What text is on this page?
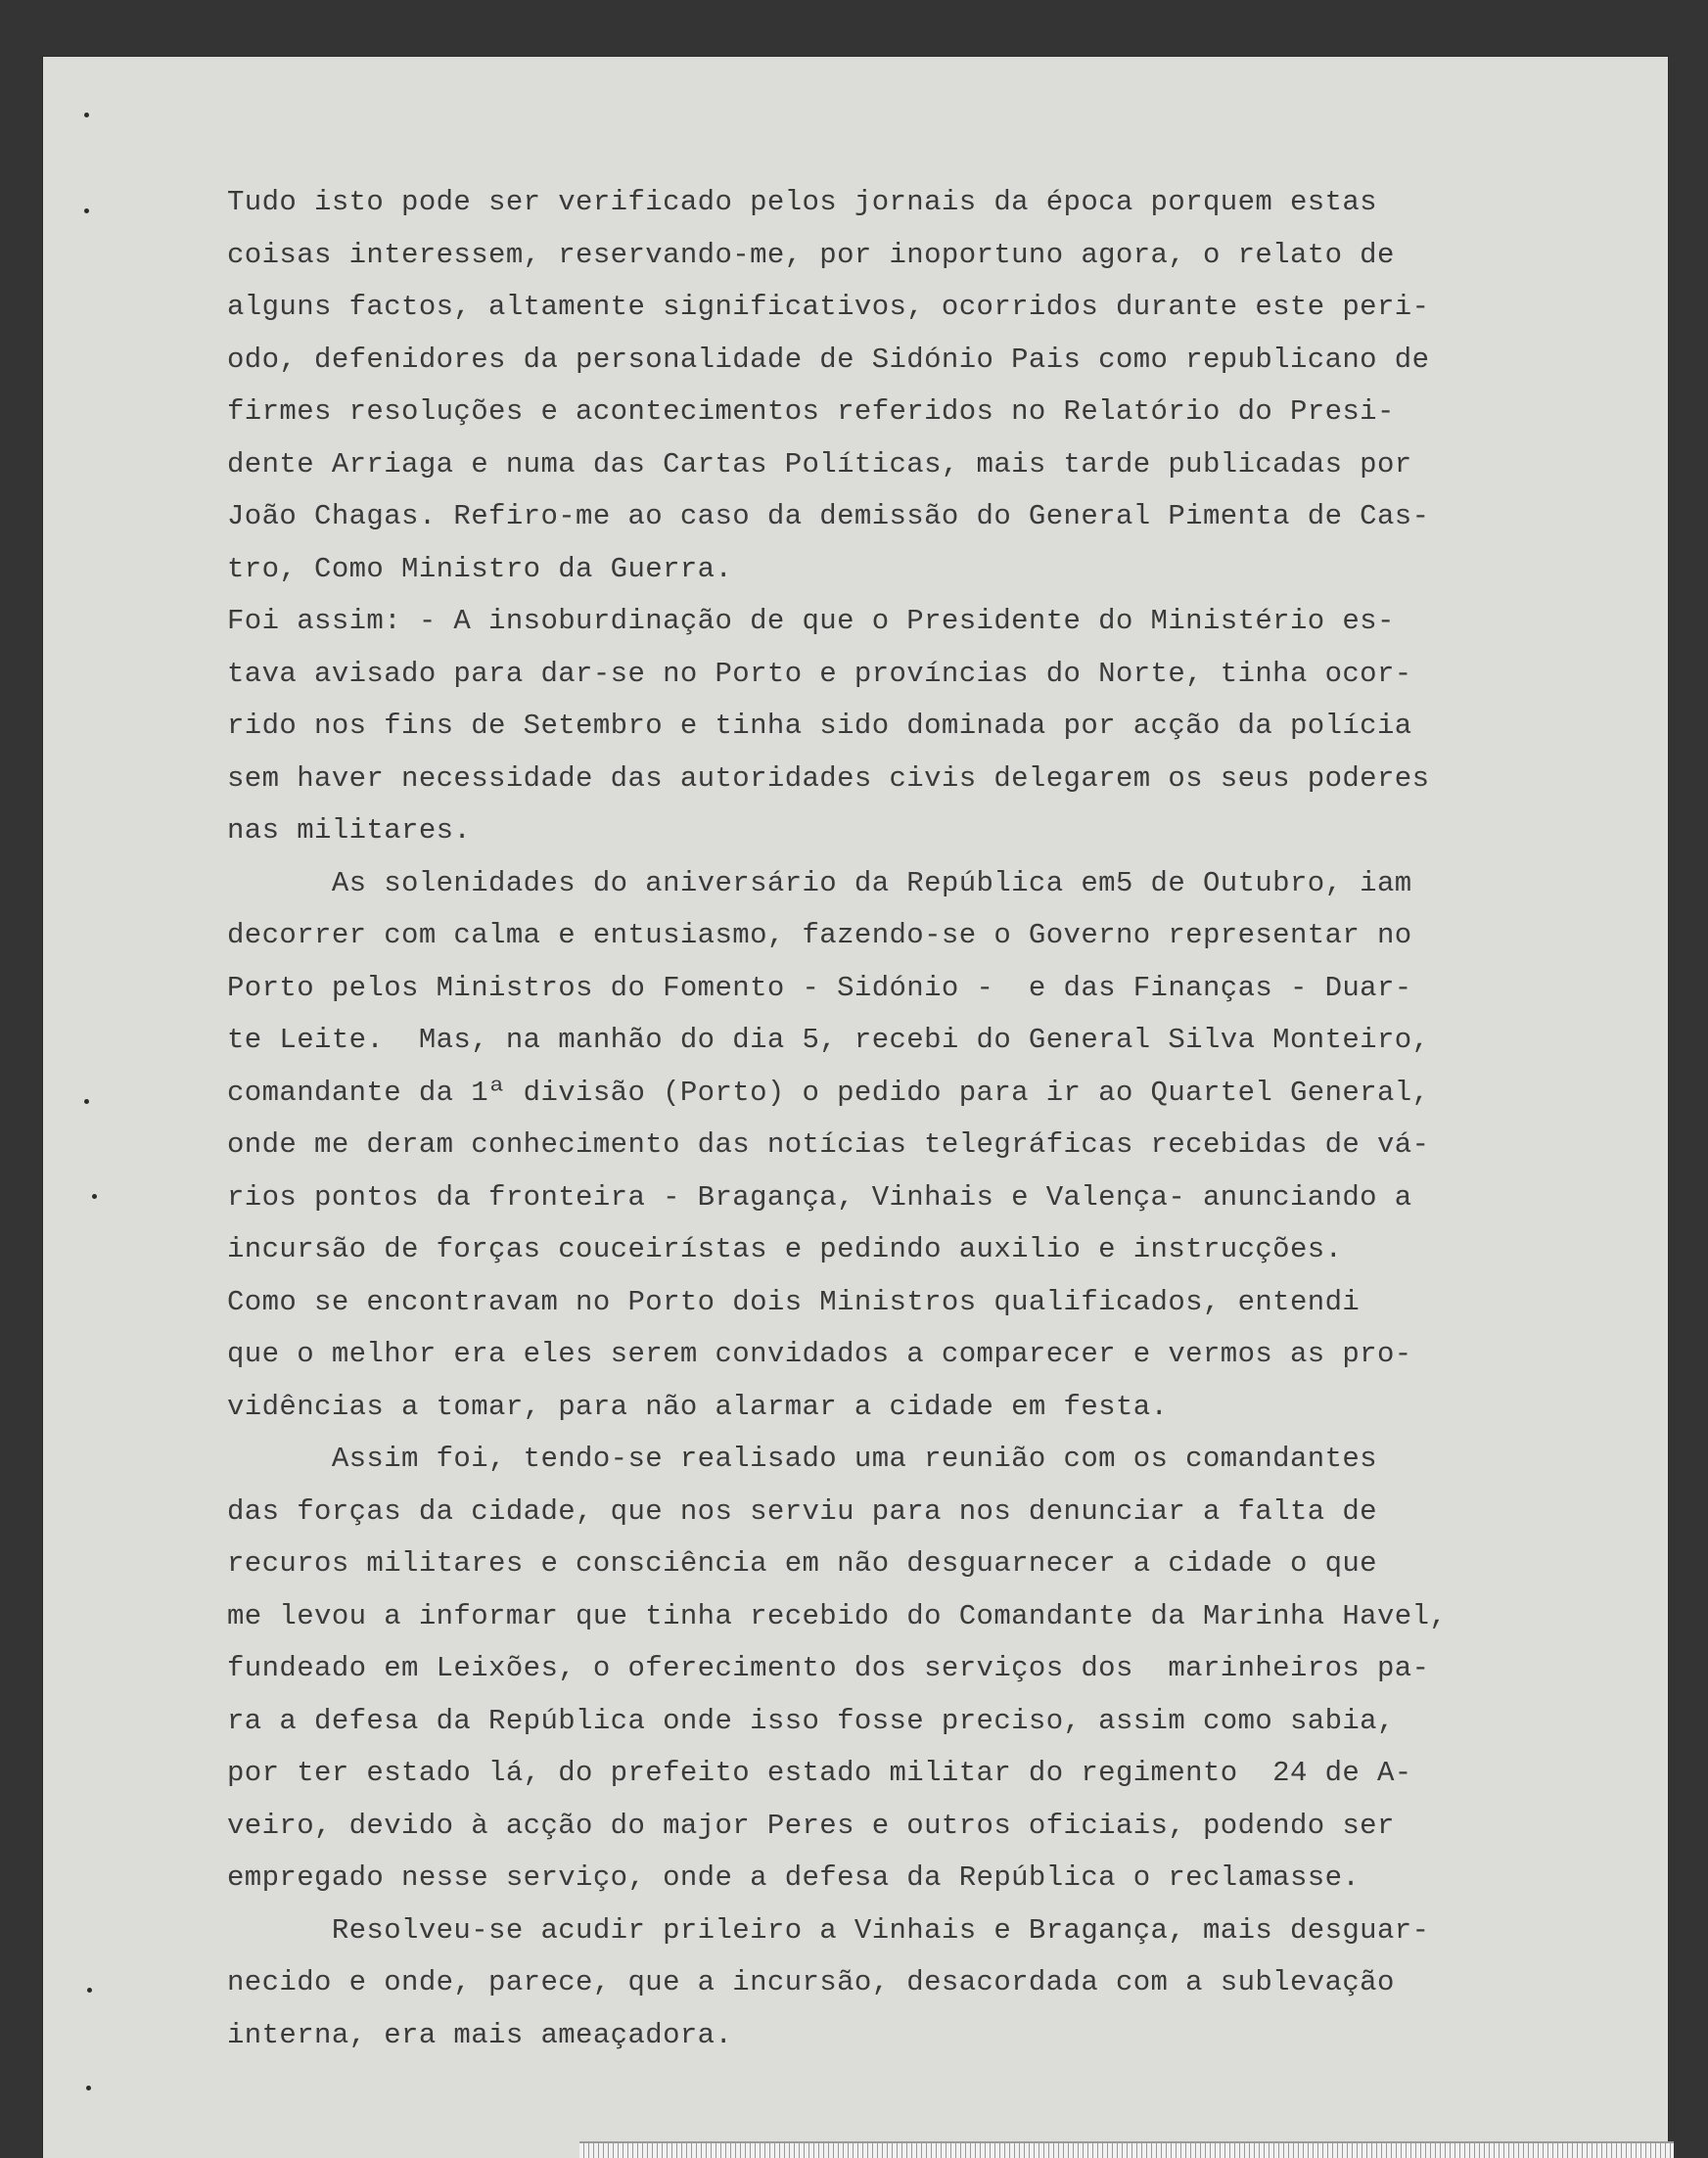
Tudo isto pode ser verificado pelos jornais da época porquem estas
coisas interessem, reservando-me, por inoportuno agora, o relato de
alguns factos, altamente significativos, ocorridos durante este peri-
odo, defenidores da personalidade de Sidónio Pais como republicano de
firmes resoluções e acontecimentos referidos no Relatório do Presi-
dente Arriaga e numa das Cartas Políticas, mais tarde publicadas por
João Chagas. Refiro-me ao caso da demissão do General Pimenta de Cas-
tro, Como Ministro da Guerra.
Foi assim: - A insoburdinação de que o Presidente do Ministério es-
tava avisado para dar-se no Porto e províncias do Norte, tinha ocor-
rido nos fins de Setembro e tinha sido dominada por acção da polícia
sem haver necessidade das autoridades civis delegarem os seus poderes
nas militares.
As solenidades do aniversário da República em5 de Outubro, iam
decorrer com calma e entusiasmo, fazendo-se o Governo representar no
Porto pelos Ministros do Fomento - Sidónio -  e das Finanças - Duar-
te Leite.  Mas, na manhão do dia 5, recebi do General Silva Monteiro,
comandante da 1ª divisão (Porto) o pedido para ir ao Quartel General,
onde me deram conhecimento das notícias telegráficas recebidas de vá-
rios pontos da fronteira - Bragança, Vinhais e Valença- anunciando a
incursão de forças couceirístas e pedindo auxilio e instrucções.
Como se encontravam no Porto dois Ministros qualificados, entendi
que o melhor era eles serem convidados a comparecer e vermos as pro-
vidências a tomar, para não alarmar a cidade em festa.
Assim foi, tendo-se realisado uma reunião com os comandantes
das forças da cidade, que nos serviu para nos denunciar a falta de
recuros militares e consciência em não desguarnecer a cidade o que
me levou a informar que tinha recebido do Comandante da Marinha Havel,
fundeado em Leixões, o oferecimento dos serviços dos  marinheiros pa-
ra a defesa da República onde isso fosse preciso, assim como sabia,
por ter estado lá, do prefeito estado militar do regimento  24 de A-
veiro, devido à acção do major Peres e outros oficiais, podendo ser
empregado nesse serviço, onde a defesa da República o reclamasse.
Resolveu-se acudir prileiro a Vinhais e Bragança, mais desguar-
necido e onde, parece, que a incursão, desacordada com a sublevação
interna, era mais ameaçadora.
